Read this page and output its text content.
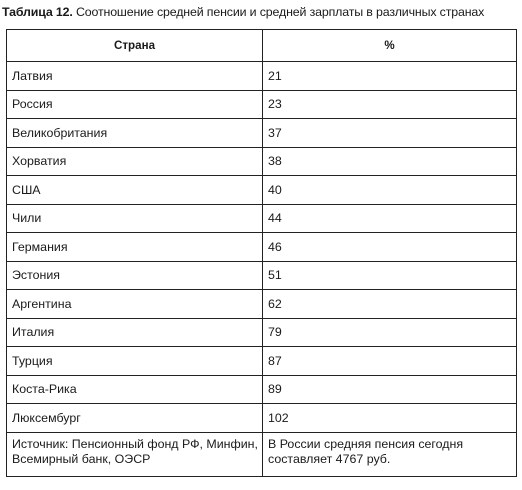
Таблица 12. Соотношение средней пенсии и средней зарплаты в различных странах
Страна	%
Латвия	21
Россия	23
Великобритания	37
Хорватия	38
США	40
Чили	44
Германия	46
Эстония	51
Аргентина	62
Италия	79
Турция	87
Коста-Рика	89
Люксембург	102
Источник: Пенсионный фонд РФ, Минфин, Всемирный банк, ОЭСР	В России средняя пенсия сегодня составляет 4767 руб.
